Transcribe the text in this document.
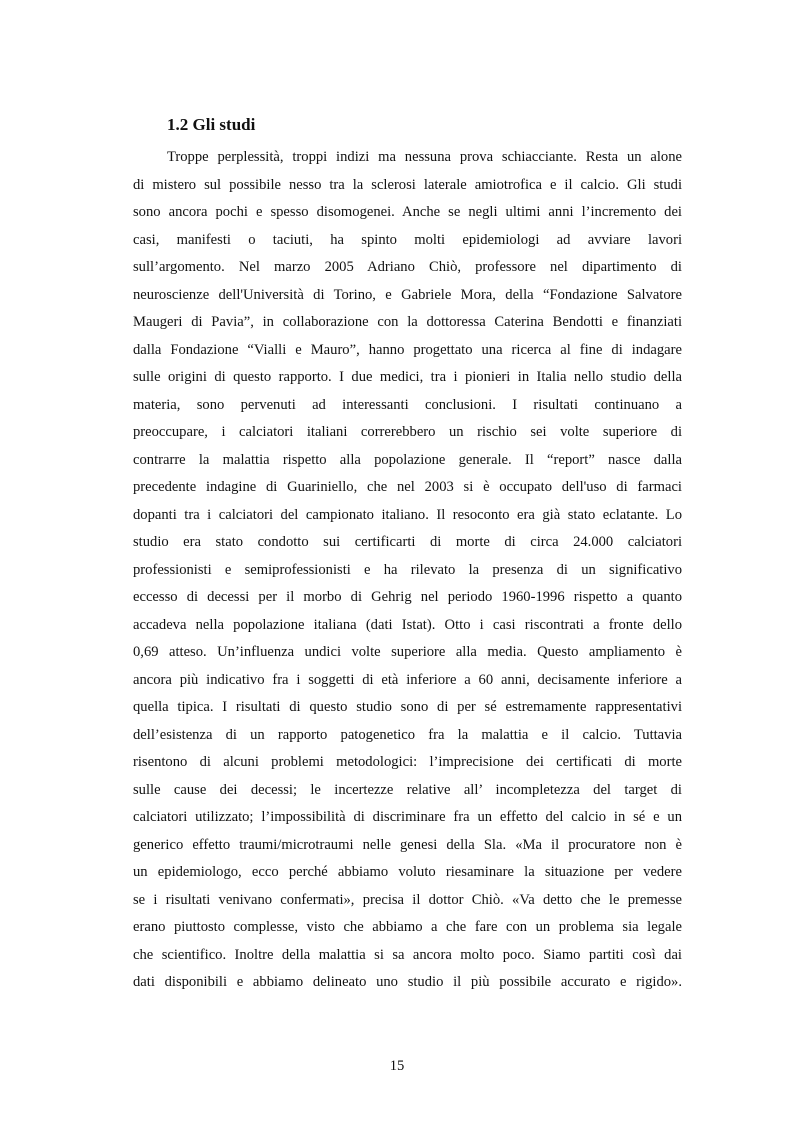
1.2 Gli studi
Troppe perplessità, troppi indizi ma nessuna prova schiacciante. Resta un alone
di mistero sul possibile nesso tra la sclerosi laterale amiotrofica e il calcio. Gli studi
sono ancora pochi e spesso disomogenei. Anche se negli ultimi anni l’incremento dei
casi, manifesti o taciuti, ha spinto molti epidemiologi ad avviare lavori
sull’argomento. Nel marzo 2005 Adriano Chiò, professore nel dipartimento di
neuroscienze dell'Università di Torino, e Gabriele Mora, della “Fondazione Salvatore
Maugeri di Pavia”, in collaborazione con la dottoressa Caterina Bendotti e finanziati
dalla Fondazione “Vialli e Mauro”, hanno progettato una ricerca al fine di indagare
sulle origini di questo rapporto. I due medici, tra i pionieri in Italia nello studio della
materia, sono pervenuti ad interessanti conclusioni. I risultati continuano a
preoccupare, i calciatori italiani correrebbero un rischio sei volte superiore di
contrarre la malattia rispetto alla popolazione generale. Il “report” nasce dalla
precedente indagine di Guariniello, che nel 2003 si è occupato dell'uso di farmaci
dopanti tra i calciatori del campionato italiano. Il resoconto era già stato eclatante. Lo
studio era stato condotto sui certificarti di morte di circa 24.000 calciatori
professionisti e semiprofessionisti e ha rilevato la presenza di un significativo
eccesso di decessi per il morbo di Gehrig nel periodo 1960-1996 rispetto a quanto
accadeva nella popolazione italiana (dati Istat). Otto i casi riscontrati a fronte dello
0,69 atteso. Un’influenza undici volte superiore alla media. Questo ampliamento è
ancora più indicativo fra i soggetti di età inferiore a 60 anni, decisamente inferiore a
quella tipica. I risultati di questo studio sono di per sé estremamente rappresentativi
dell’esistenza di un rapporto patogenetico fra la malattia e il calcio. Tuttavia
risentono di alcuni problemi metodologici: l’imprecisione dei certificati di morte
sulle cause dei decessi; le incertezze relative all’ incompletezza del target di
calciatori utilizzato; l’impossibilità di discriminare fra un effetto del calcio in sé e un
generico effetto traumi/microtraumi nelle genesi della Sla. «Ma il procuratore non è
un epidemiologo, ecco perché abbiamo voluto riesaminare la situazione per vedere
se i risultati venivano confermati», precisa il dottor Chiò. «Va detto che le premesse
erano piuttosto complesse, visto che abbiamo a che fare con un problema sia legale
che scientifico. Inoltre della malattia si sa ancora molto poco. Siamo partiti così dai
dati disponibili e abbiamo delineato uno studio il più possibile accurato e rigido».
15
